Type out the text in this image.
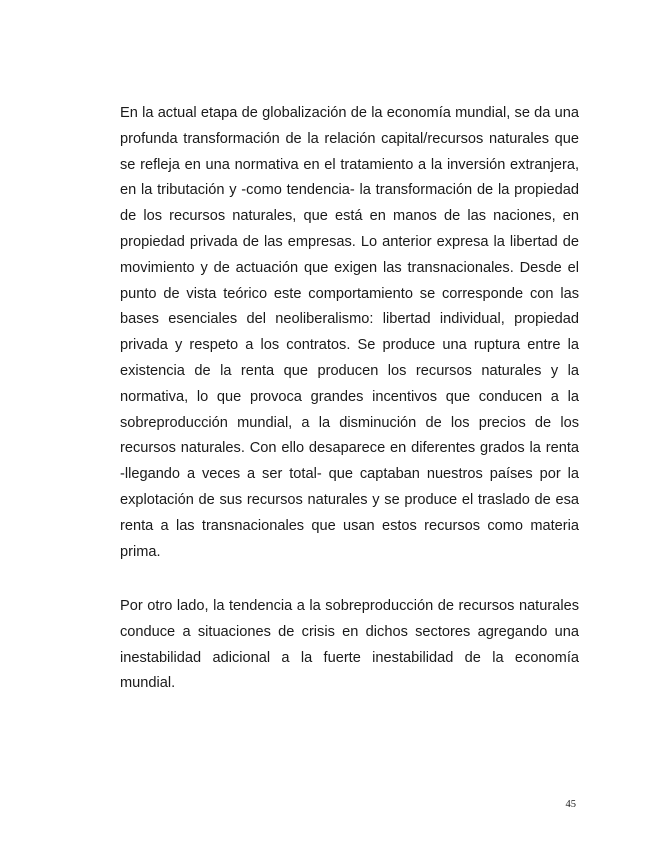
En la actual etapa de globalización de la economía mundial, se da una profunda transformación de la relación capital/recursos naturales que se refleja en una normativa en el tratamiento a la inversión extranjera, en la tributación y -como tendencia- la transformación de la propiedad de los recursos naturales, que está en manos de las naciones, en propiedad privada de las empresas. Lo anterior expresa la libertad de movimiento y de actuación que exigen las transnacionales. Desde el punto de vista teórico este comportamiento se corresponde con las bases esenciales del neoliberalismo: libertad individual, propiedad privada y respeto a los contratos. Se produce una ruptura entre la existencia de la renta que producen los recursos naturales y la normativa, lo que provoca grandes incentivos que conducen a la sobreproducción mundial, a la disminución de los precios de los recursos naturales. Con ello desaparece en diferentes grados la renta -llegando a veces a ser total- que captaban nuestros países por la explotación de sus recursos naturales y se produce el traslado de esa renta a las transnacionales que usan estos recursos como materia prima.

Por otro lado, la tendencia a la sobreproducción de recursos naturales conduce a situaciones de crisis en dichos sectores agregando una inestabilidad adicional a la fuerte inestabilidad de la economía mundial.

45
